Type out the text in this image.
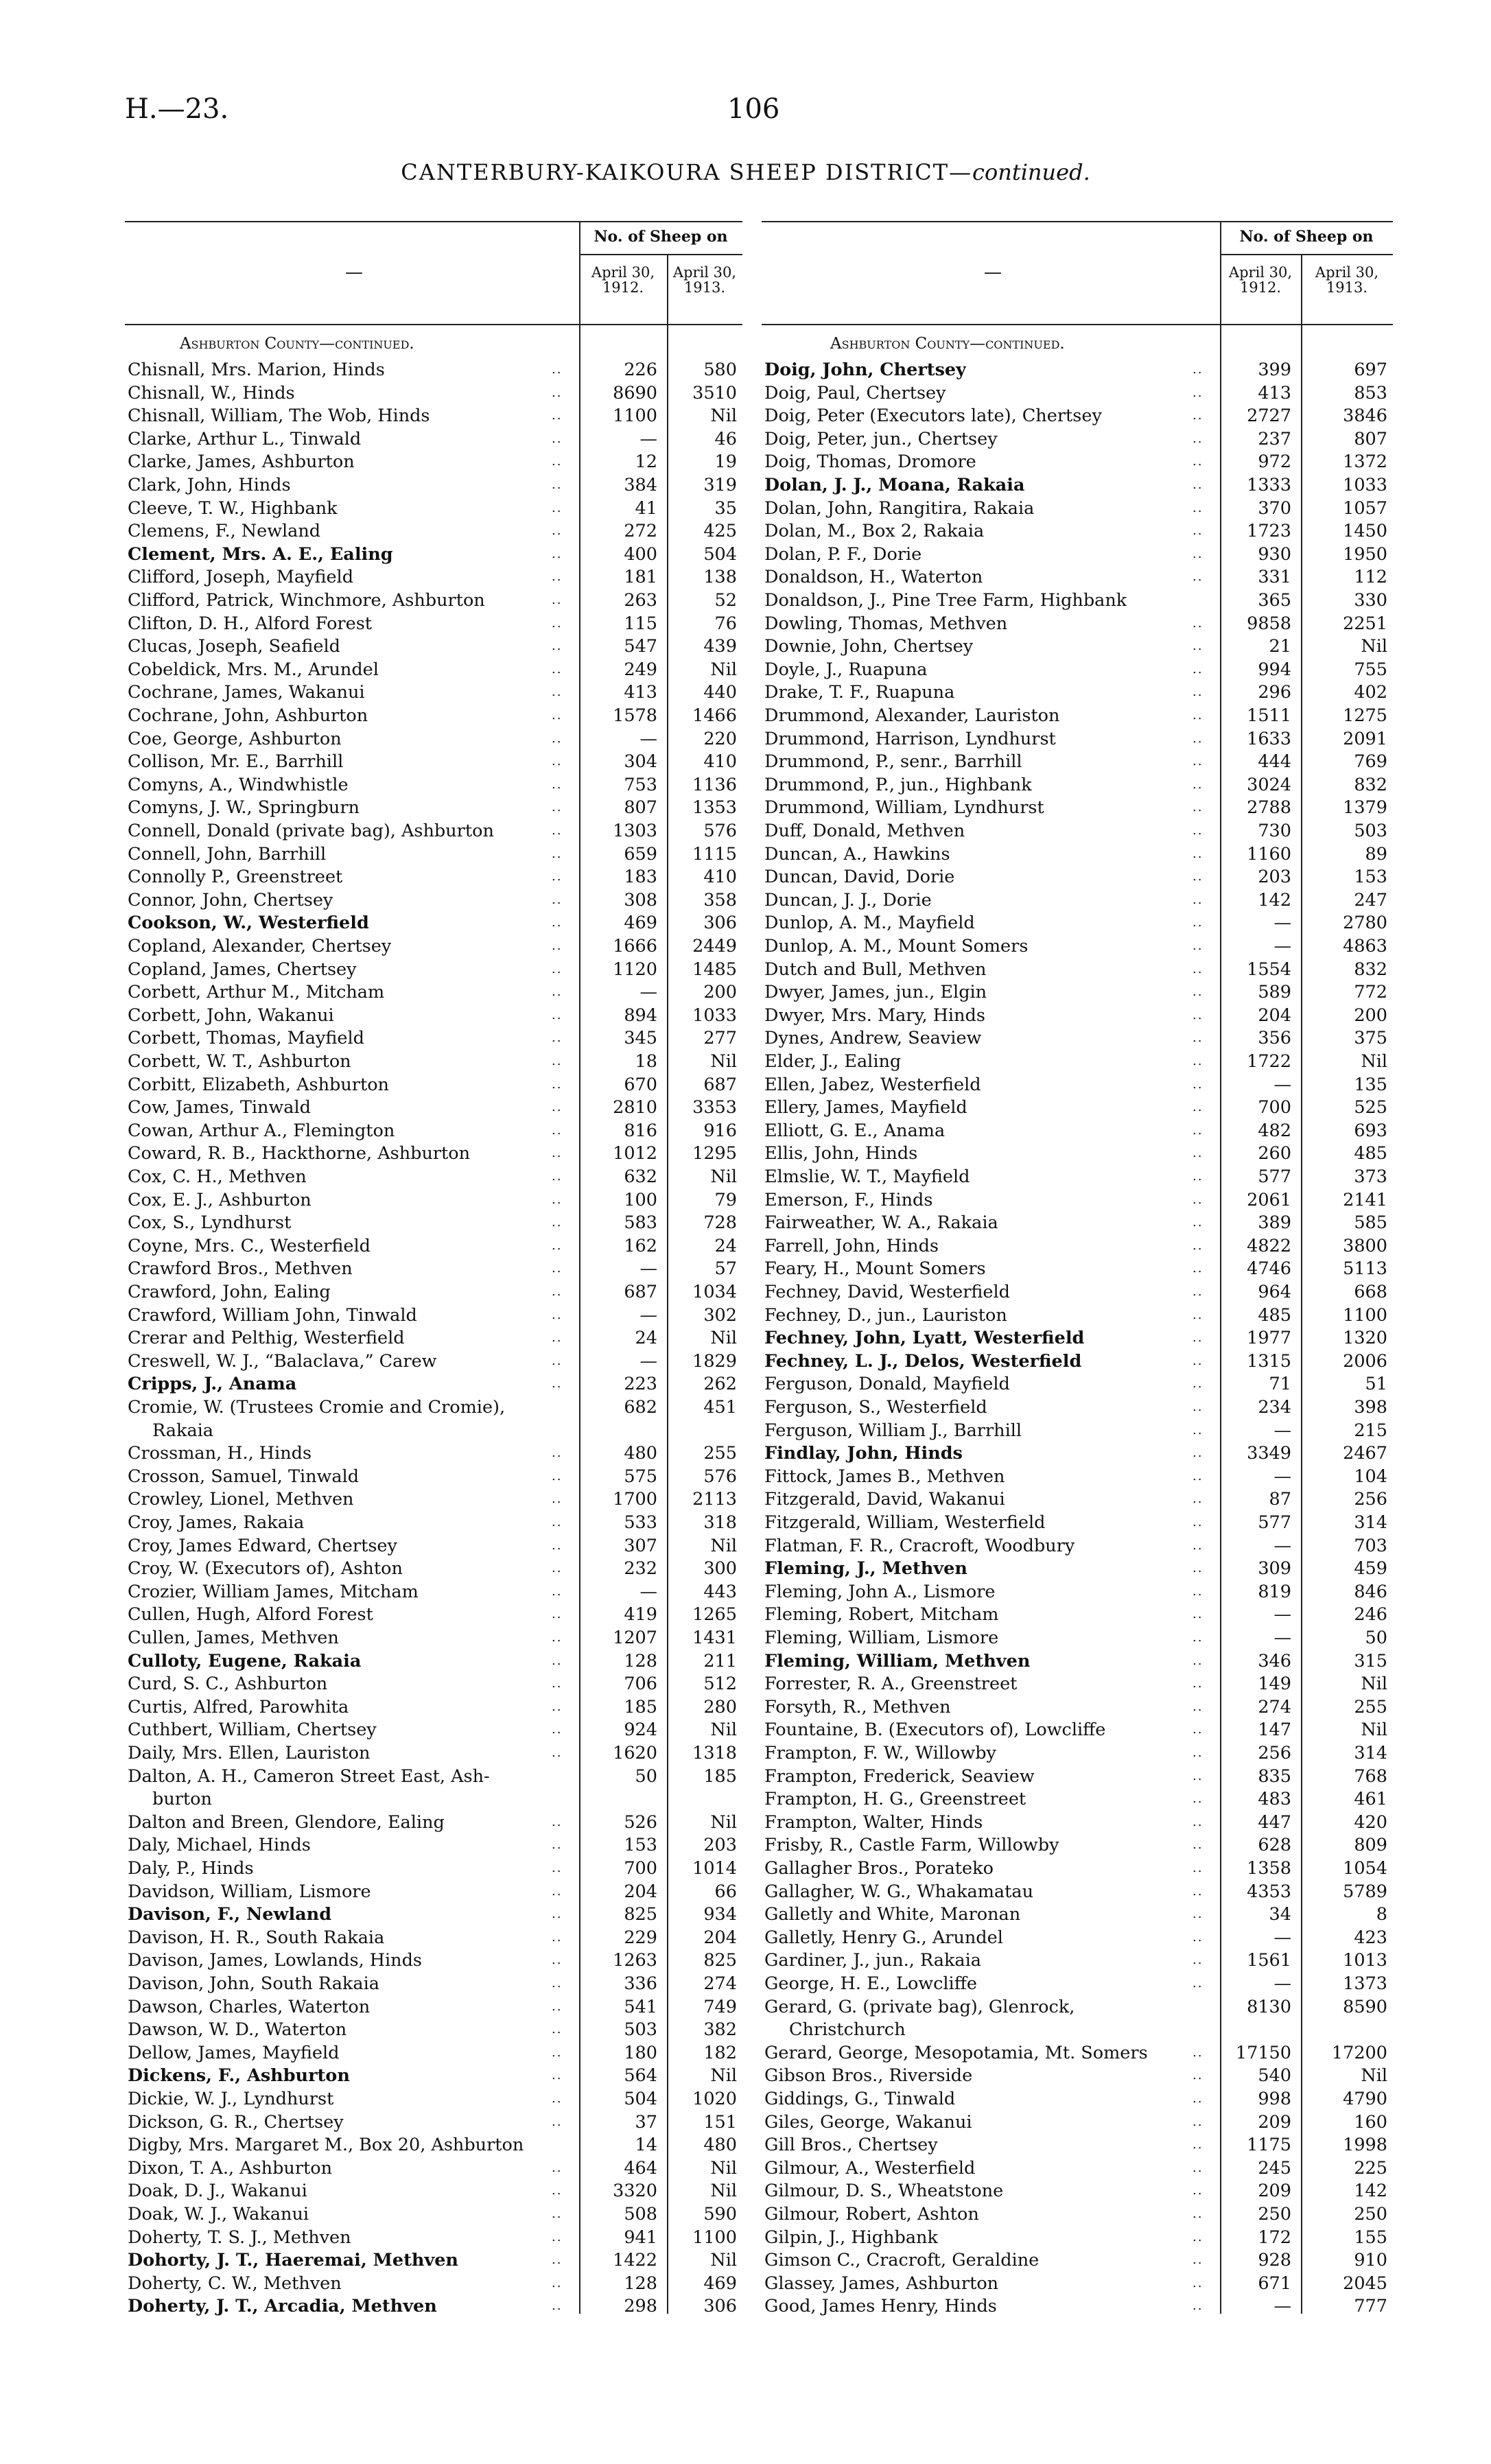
H.—23.	106
CANTERBURY-KAIKOURA SHEEP DISTRICT—continued.
—
No. of Sheep on
April 30, 1912.
April 30, 1913.
Ashburton County—continued.
Chisnall, Mrs. Marion, Hinds	..	226	580
Chisnall, W., Hinds	..	8690	3510
Chisnall, William, The Wob, Hinds	..	1100	Nil
Clarke, Arthur L., Tinwald	..	—	46
Clarke, James, Ashburton	..	12	19
Clark, John, Hinds	..	384	319
Cleeve, T. W., Highbank	..	41	35
Clemens, F., Newland	..	272	425
Clement, Mrs. A. E., Ealing	..	400	504
Clifford, Joseph, Mayfield	..	181	138
Clifford, Patrick, Winchmore, Ashburton	..	263	52
Clifton, D. H., Alford Forest	..	115	76
Clucas, Joseph, Seafield	..	547	439
Cobeldick, Mrs. M., Arundel	..	249	Nil
Cochrane, James, Wakanui	..	413	440
Cochrane, John, Ashburton	..	1578	1466
Coe, George, Ashburton	..	—	220
Collison, Mr. E., Barrhill	..	304	410
Comyns, A., Windwhistle	..	753	1136
Comyns, J. W., Springburn	..	807	1353
Connell, Donald (private bag), Ashburton	..	1303	576
Connell, John, Barrhill	..	659	1115
Connolly P., Greenstreet	..	183	410
Connor, John, Chertsey	..	308	358
Cookson, W., Westerfield	..	469	306
Copland, Alexander, Chertsey	..	1666	2449
Copland, James, Chertsey	..	1120	1485
Corbett, Arthur M., Mitcham	..	—	200
Corbett, John, Wakanui	..	894	1033
Corbett, Thomas, Mayfield	..	345	277
Corbett, W. T., Ashburton	..	18	Nil
Corbitt, Elizabeth, Ashburton	..	670	687
Cow, James, Tinwald	..	2810	3353
Cowan, Arthur A., Flemington	..	816	916
Coward, R. B., Hackthorne, Ashburton	..	1012	1295
Cox, C. H., Methven	..	632	Nil
Cox, E. J., Ashburton	..	100	79
Cox, S., Lyndhurst	..	583	728
Coyne, Mrs. C., Westerfield	..	162	24
Crawford Bros., Methven	..	—	57
Crawford, John, Ealing	..	687	1034
Crawford, William John, Tinwald	..	—	302
Crerar and Pelthig, Westerfield	..	24	Nil
Creswell, W. J., “Balaclava,” Carew	..	—	1829
Cripps, J., Anama	..	223	262
Cromie, W. (Trustees Cromie and Cromie),	682	451
Rakaia
Crossman, H., Hinds	..	480	255
Crosson, Samuel, Tinwald	..	575	576
Crowley, Lionel, Methven	..	1700	2113
Croy, James, Rakaia	..	533	318
Croy, James Edward, Chertsey	..	307	Nil
Croy, W. (Executors of), Ashton	..	232	300
Crozier, William James, Mitcham	..	—	443
Cullen, Hugh, Alford Forest	..	419	1265
Cullen, James, Methven	..	1207	1431
Culloty, Eugene, Rakaia	..	128	211
Curd, S. C., Ashburton	..	706	512
Curtis, Alfred, Parowhita	..	185	280
Cuthbert, William, Chertsey	..	924	Nil
Daily, Mrs. Ellen, Lauriston	..	1620	1318
Dalton, A. H., Cameron Street East, Ash-	50	185
burton
Dalton and Breen, Glendore, Ealing	..	526	Nil
Daly, Michael, Hinds	..	153	203
Daly, P., Hinds	..	700	1014
Davidson, William, Lismore	..	204	66
Davison, F., Newland	..	825	934
Davison, H. R., South Rakaia	..	229	204
Davison, James, Lowlands, Hinds	..	1263	825
Davison, John, South Rakaia	..	336	274
Dawson, Charles, Waterton	..	541	749
Dawson, W. D., Waterton	..	503	382
Dellow, James, Mayfield	..	180	182
Dickens, F., Ashburton	..	564	Nil
Dickie, W. J., Lyndhurst	..	504	1020
Dickson, G. R., Chertsey	..	37	151
Digby, Mrs. Margaret M., Box 20, Ashburton	14	480
Dixon, T. A., Ashburton	..	464	Nil
Doak, D. J., Wakanui	..	3320	Nil
Doak, W. J., Wakanui	..	508	590
Doherty, T. S. J., Methven	..	941	1100
Dohorty, J. T., Haeremai, Methven	..	1422	Nil
Doherty, C. W., Methven	..	128	469
Doherty, J. T., Arcadia, Methven	..	298	306
—
No. of Sheep on
April 30, 1912.
April 30, 1913.
Ashburton County—continued.
Doig, John, Chertsey	..	399	697
Doig, Paul, Chertsey	..	413	853
Doig, Peter (Executors late), Chertsey	..	2727	3846
Doig, Peter, jun., Chertsey	..	237	807
Doig, Thomas, Dromore	..	972	1372
Dolan, J. J., Moana, Rakaia	..	1333	1033
Dolan, John, Rangitira, Rakaia	..	370	1057
Dolan, M., Box 2, Rakaia	..	1723	1450
Dolan, P. F., Dorie	..	930	1950
Donaldson, H., Waterton	..	331	112
Donaldson, J., Pine Tree Farm, Highbank	365	330
Dowling, Thomas, Methven	..	9858	2251
Downie, John, Chertsey	..	21	Nil
Doyle, J., Ruapuna	..	994	755
Drake, T. F., Ruapuna	..	296	402
Drummond, Alexander, Lauriston	..	1511	1275
Drummond, Harrison, Lyndhurst	..	1633	2091
Drummond, P., senr., Barrhill	..	444	769
Drummond, P., jun., Highbank	..	3024	832
Drummond, William, Lyndhurst	..	2788	1379
Duff, Donald, Methven	..	730	503
Duncan, A., Hawkins	..	1160	89
Duncan, David, Dorie	..	203	153
Duncan, J. J., Dorie	..	142	247
Dunlop, A. M., Mayfield	..	—	2780
Dunlop, A. M., Mount Somers	..	—	4863
Dutch and Bull, Methven	..	1554	832
Dwyer, James, jun., Elgin	..	589	772
Dwyer, Mrs. Mary, Hinds	..	204	200
Dynes, Andrew, Seaview	..	356	375
Elder, J., Ealing	..	1722	Nil
Ellen, Jabez, Westerfield	..	—	135
Ellery, James, Mayfield	..	700	525
Elliott, G. E., Anama	..	482	693
Ellis, John, Hinds	..	260	485
Elmslie, W. T., Mayfield	..	577	373
Emerson, F., Hinds	..	2061	2141
Fairweather, W. A., Rakaia	..	389	585
Farrell, John, Hinds	..	4822	3800
Feary, H., Mount Somers	..	4746	5113
Fechney, David, Westerfield	..	964	668
Fechney, D., jun., Lauriston	..	485	1100
Fechney, John, Lyatt, Westerfield	..	1977	1320
Fechney, L. J., Delos, Westerfield	..	1315	2006
Ferguson, Donald, Mayfield	..	71	51
Ferguson, S., Westerfield	..	234	398
Ferguson, William J., Barrhill	..	—	215
Findlay, John, Hinds	..	3349	2467
Fittock, James B., Methven	..	—	104
Fitzgerald, David, Wakanui	..	87	256
Fitzgerald, William, Westerfield	..	577	314
Flatman, F. R., Cracroft, Woodbury	..	—	703
Fleming, J., Methven	..	309	459
Fleming, John A., Lismore	..	819	846
Fleming, Robert, Mitcham	..	—	246
Fleming, William, Lismore	..	—	50
Fleming, William, Methven	..	346	315
Forrester, R. A., Greenstreet	..	149	Nil
Forsyth, R., Methven	..	274	255
Fountaine, B. (Executors of), Lowcliffe	..	147	Nil
Frampton, F. W., Willowby	..	256	314
Frampton, Frederick, Seaview	..	835	768
Frampton, H. G., Greenstreet	..	483	461
Frampton, Walter, Hinds	..	447	420
Frisby, R., Castle Farm, Willowby	..	628	809
Gallagher Bros., Porateko	..	1358	1054
Gallagher, W. G., Whakamatau	..	4353	5789
Galletly and White, Maronan	..	34	8
Galletly, Henry G., Arundel	..	—	423
Gardiner, J., jun., Rakaia	..	1561	1013
George, H. E., Lowcliffe	..	—	1373
Gerard, G. (private bag), Glenrock,	8130	8590
Christchurch
Gerard, George, Mesopotamia, Mt. Somers	..	17150	17200
Gibson Bros., Riverside	..	540	Nil
Giddings, G., Tinwald	..	998	4790
Giles, George, Wakanui	..	209	160
Gill Bros., Chertsey	..	1175	1998
Gilmour, A., Westerfield	..	245	225
Gilmour, D. S., Wheatstone	..	209	142
Gilmour, Robert, Ashton	..	250	250
Gilpin, J., Highbank	..	172	155
Gimson C., Cracroft, Geraldine	..	928	910
Glassey, James, Ashburton	..	671	2045
Good, James Henry, Hinds	..	—	777
